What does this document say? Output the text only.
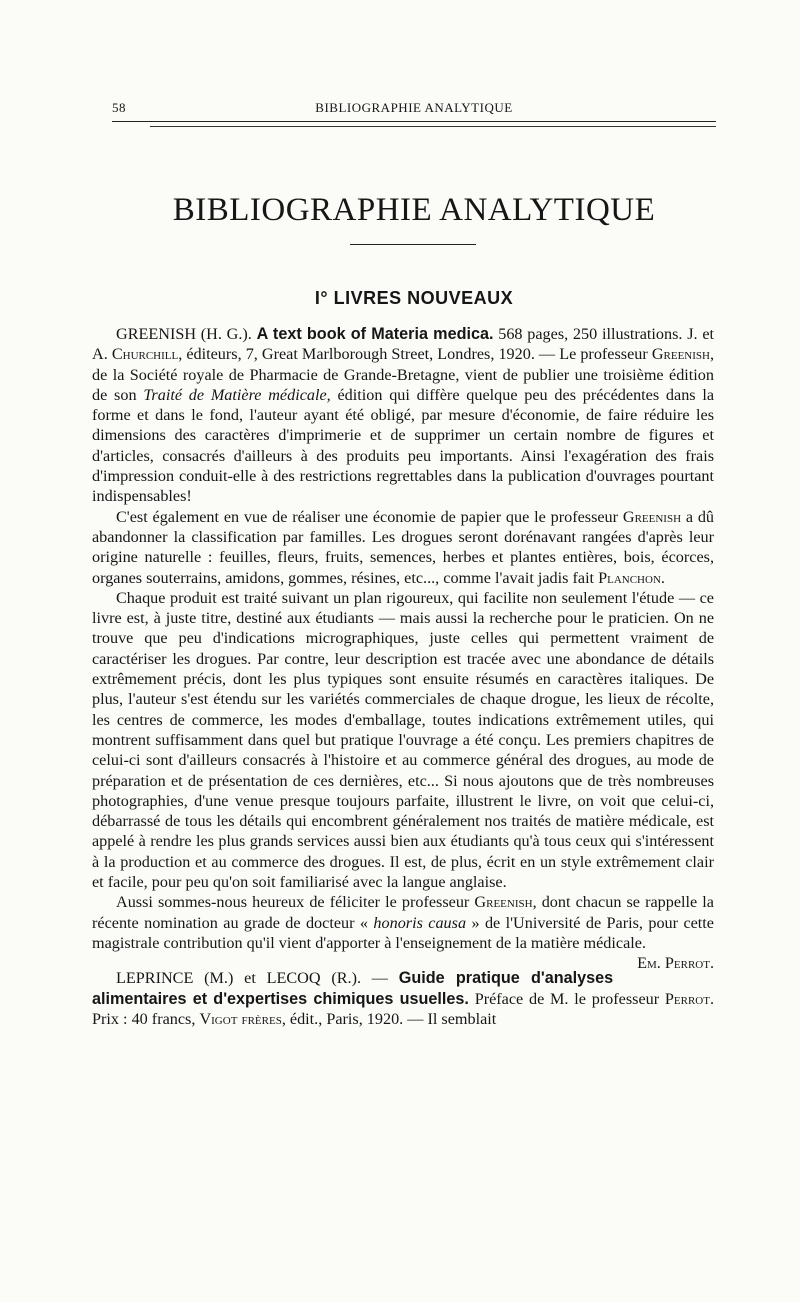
58	BIBLIOGRAPHIE ANALYTIQUE
BIBLIOGRAPHIE ANALYTIQUE
I° LIVRES NOUVEAUX

GREENISH (H. G.). A text book of Materia medica. 568 pages, 250 illustrations. J. et A. Churchill, éditeurs, 7, Great Marlborough Street, Londres, 1920. — Le professeur Greenish, de la Société royale de Pharmacie de Grande-Bretagne, vient de publier une troisième édition de son Traité de Matière médicale, édition qui diffère quelque peu des précédentes dans la forme et dans le fond, l'auteur ayant été obligé, par mesure d'économie, de faire réduire les dimensions des caractères d'imprimerie et de supprimer un certain nombre de figures et d'articles, consacrés d'ailleurs à des produits peu importants. Ainsi l'exagération des frais d'impression conduit-elle à des restrictions regrettables dans la publication d'ouvrages pourtant indispensables!

C'est également en vue de réaliser une économie de papier que le professeur Greenish a dû abandonner la classification par familles. Les drogues seront dorénavant rangées d'après leur origine naturelle : feuilles, fleurs, fruits, semences, herbes et plantes entières, bois, écorces, organes souterrains, amidons, gommes, résines, etc..., comme l'avait jadis fait Planchon.

Chaque produit est traité suivant un plan rigoureux, qui facilite non seulement l'étude — ce livre est, à juste titre, destiné aux étudiants — mais aussi la recherche pour le praticien. On ne trouve que peu d'indications micrographiques, juste celles qui permettent vraiment de caractériser les drogues. Par contre, leur description est tracée avec une abondance de détails extrêmement précis, dont les plus typiques sont ensuite résumés en caractères italiques. De plus, l'auteur s'est étendu sur les variétés commerciales de chaque drogue, les lieux de récolte, les centres de commerce, les modes d'emballage, toutes indications extrêmement utiles, qui montrent suffisamment dans quel but pratique l'ouvrage a été conçu. Les premiers chapitres de celui-ci sont d'ailleurs consacrés à l'histoire et au commerce général des drogues, au mode de préparation et de présentation de ces dernières, etc... Si nous ajoutons que de très nombreuses photographies, d'une venue presque toujours parfaite, illustrent le livre, on voit que celui-ci, débarrassé de tous les détails qui encombrent généralement nos traités de matière médicale, est appelé à rendre les plus grands services aussi bien aux étudiants qu'à tous ceux qui s'intéressent à la production et au commerce des drogues. Il est, de plus, écrit en un style extrêmement clair et facile, pour peu qu'on soit familiarisé avec la langue anglaise.

Aussi sommes-nous heureux de féliciter le professeur Greenish, dont chacun se rappelle la récente nomination au grade de docteur « honoris causa » de l'Université de Paris, pour cette magistrale contribution qu'il vient d'apporter à l'enseignement de la matière médicale.
Em. Perrot.

LEPRINCE (M.) et LECOQ (R.). — Guide pratique d'analyses alimentaires et d'expertises chimiques usuelles. Préface de M. le professeur Perrot. Prix : 40 francs, Vigot frères, édit., Paris, 1920. — Il semblait
